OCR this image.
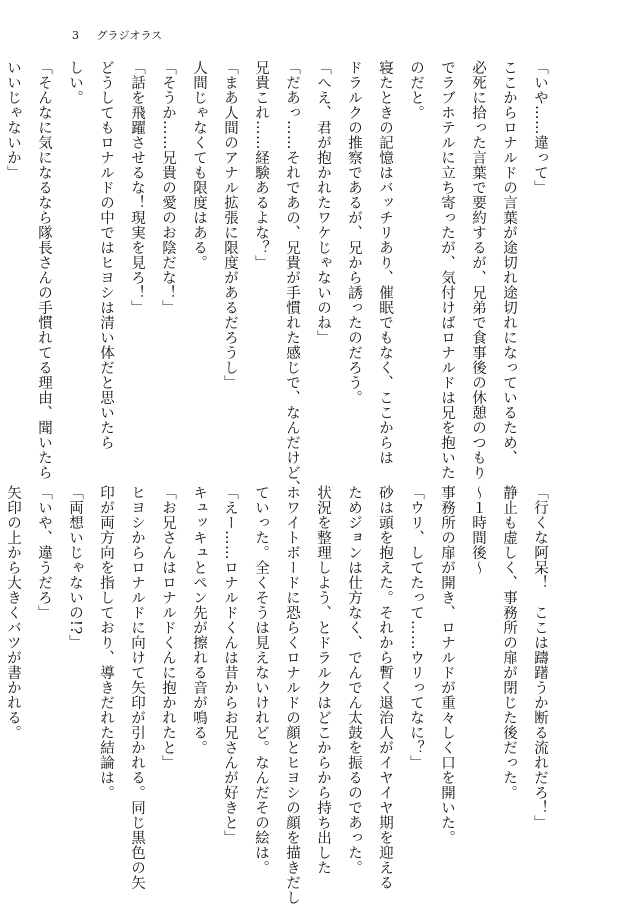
3 グラジオラス
「いや……違って」
ここからロナルドの言葉が途切れ途切れになっているため、
必死に拾った言葉で要約するが、兄弟で食事後の休憩のつもり
でラブホテルに立ち寄ったが、気付けばロナルドは兄を抱いた
のだと。
寝たときの記憶はバッチリあり、催眠でもなく、ここからは
ドラルクの推察であるが、兄から誘ったのだろう。
「へえ、君が抱かれたワケじゃないのね」
「だあっ……それであの、兄貴が手慣れた感じで、なんだけど、
兄貴これ……経験あるよな？」
「まあ人間のアナル拡張に限度があるだろうし」
人間じゃなくても限度はある。
「そうか……兄貴の愛のお陰だな！」
「話を飛躍させるな！現実を見ろ！」
どうしてもロナルドの中ではヒヨシは清い体だと思いたら
しい。
「そんなに気になるなら隊長さんの手慣れてる理由、聞いたら
いいじゃないか」
「行くな阿呆！　ここは躊躇うか断る流れだろ！」
静止も虚しく、事務所の扉が閉じた後だった。
〜１時間後〜
事務所の扉が開き、ロナルドが重々しく口を開いた。
「ウリ、してたって……ウリってなに？」
砂は頭を抱えた。それから暫く退治人がイヤイヤ期を迎える
ためジョンは仕方なく、でんでん太鼓を振るのであった。
状況を整理しよう、とドラルクはどこからから持ち出した
ホワイトボードに恐らくロナルドの顔とヒヨシの顔を描きだし
ていった。全くそうは見えないけれど。なんだその絵は。
「えー……ロナルドくんは昔からお兄さんが好きと」
キュッキュとペン先が擦れる音が鳴る。
「お兄さんはロナルドくんに抱かれたと」
ヒヨシからロナルドに向けて矢印が引かれる。同じ黒色の矢
印が両方向を指しており、導きだれた結論は。
「両想いじゃないの!?」
「いや、違うだろ」
矢印の上から大きくバツが書かれる。
